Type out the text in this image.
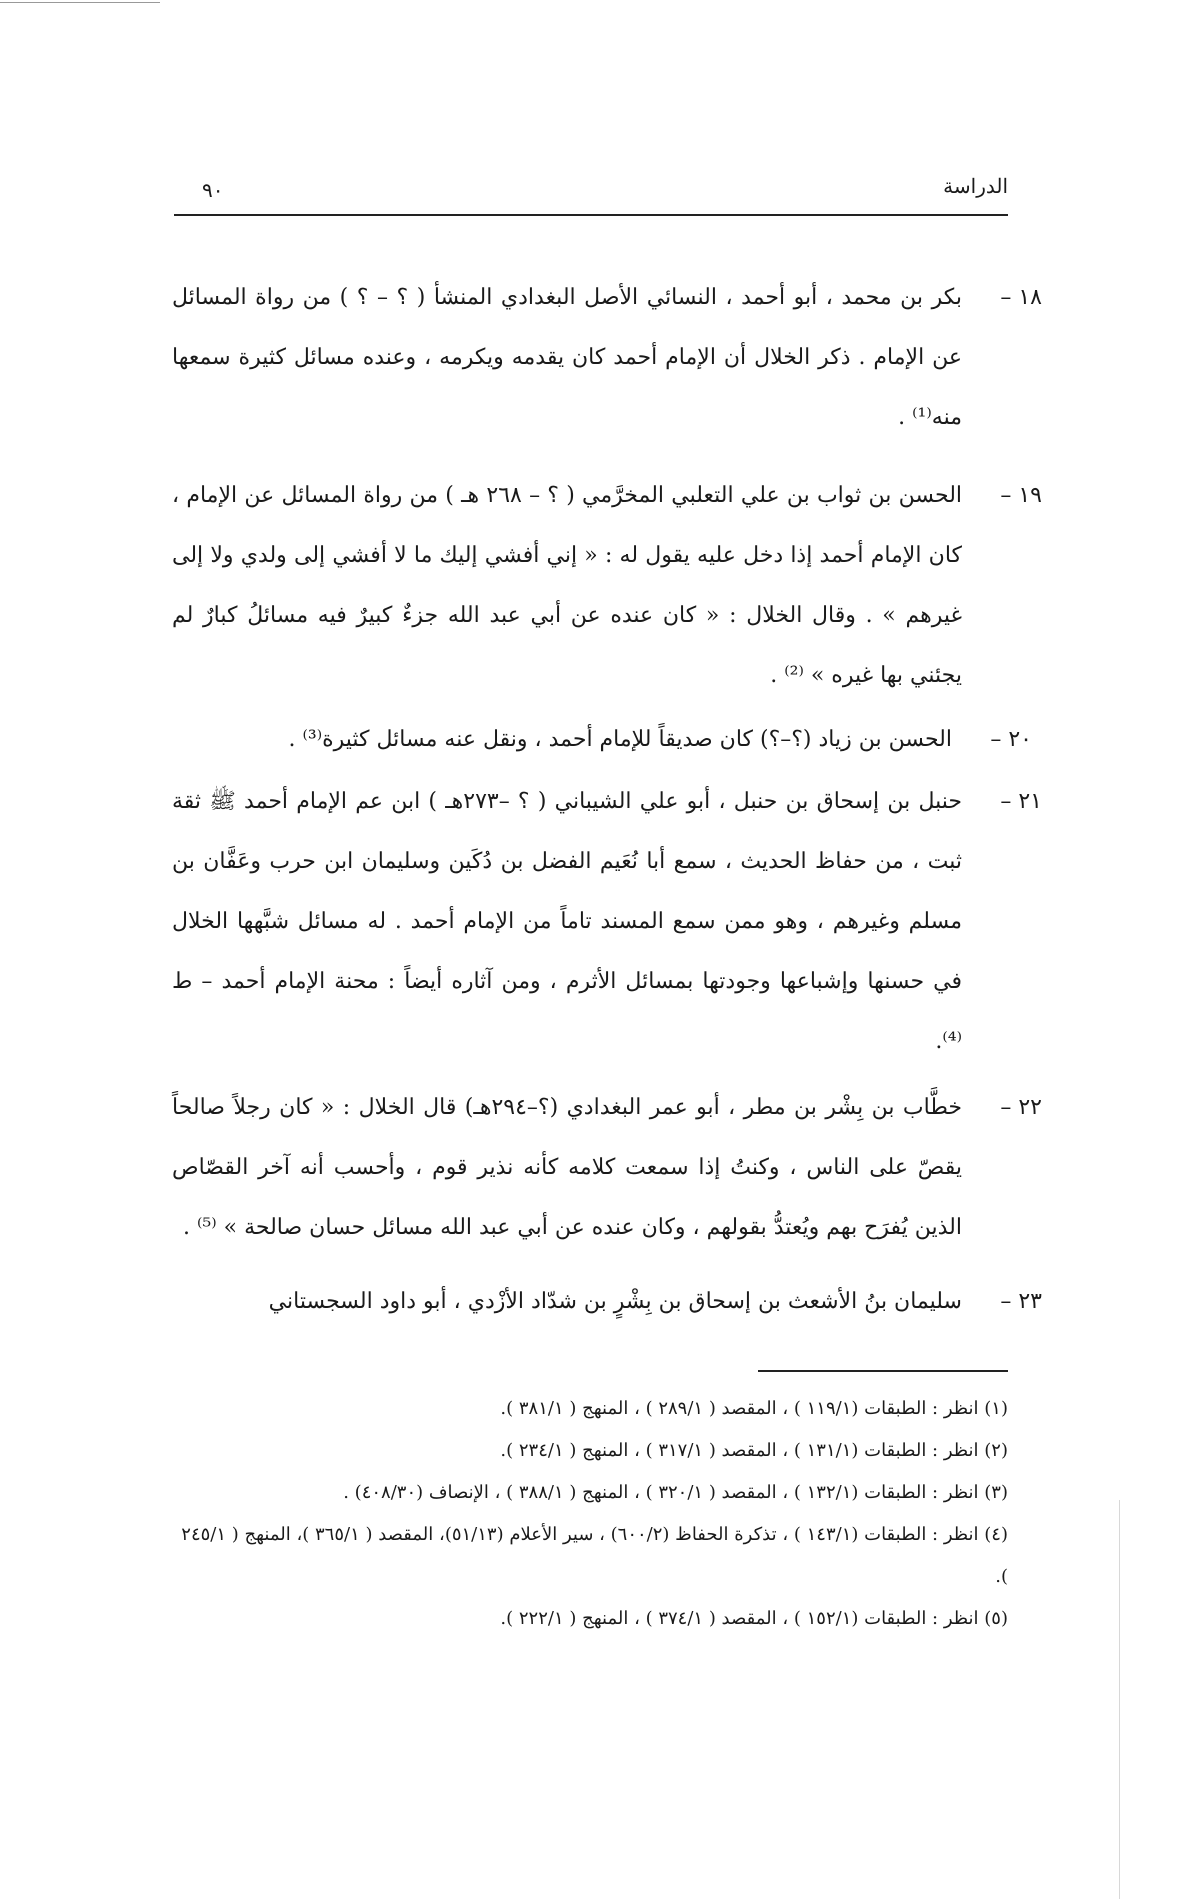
الدراسة
٩٠
١٨ –
بكر بن محمد ، أبو أحمد ، النسائي الأصل البغدادي المنشأ ( ؟ – ؟ ) من رواة المسائل عن الإمام . ذكر الخلال أن الإمام أحمد كان يقدمه ويكرمه ، وعنده مسائل كثيرة سمعها منه⁽¹⁾ .
١٩ –
الحسن بن ثواب بن علي التعلبي المخرَّمي ( ؟ – ٢٦٨ هـ ) من رواة المسائل عن الإمام ، كان الإمام أحمد إذا دخل عليه يقول له : « إني أفشي إليك ما لا أفشي إلى ولدي ولا إلى غيرهم » . وقال الخلال : « كان عنده عن أبي عبد الله جزءٌ كبيرٌ فيه مسائلُ كبارٌ لم يجئني بها غيره » ⁽²⁾ .
٢٠ –
الحسن بن زياد (؟–؟) كان صديقاً للإمام أحمد ، ونقل عنه مسائل كثيرة⁽³⁾ .
٢١ –
حنبل بن إسحاق بن حنبل ، أبو علي الشيباني ( ؟ –٢٧٣هـ ) ابن عم الإمام أحمد ﷺ ثقة ثبت ، من حفاظ الحديث ، سمع أبا نُعَيم الفضل بن دُكَين وسليمان ابن حرب وعَفَّان بن مسلم وغيرهم ، وهو ممن سمع المسند تاماً من الإمام أحمد . له مسائل شبَّهها الخلال في حسنها وإشباعها وجودتها بمسائل الأثرم ، ومن آثاره أيضاً : محنة الإمام أحمد – ط ⁽⁴⁾.
٢٢ –
خطَّاب بن بِشْر بن مطر ، أبو عمر البغدادي (؟–٢٩٤هـ) قال الخلال : « كان رجلاً صالحاً يقصّ على الناس ، وكنتُ إذا سمعت كلامه كأنه نذير قوم ، وأحسب أنه آخر القصّاص الذين يُفرَح بهم ويُعتدُّ بقولهم ، وكان عنده عن أبي عبد الله مسائل حسان صالحة » ⁽⁵⁾ .
٢٣ –
سليمان بنُ الأشعث بن إسحاق بن بِشْرٍ بن شدّاد الأزْدي ، أبو داود السجستاني
(١) انظر : الطبقات (١١٩/١ ) ، المقصد ( ٢٨٩/١ ) ، المنهج ( ٣٨١/١ ).
(٢) انظر : الطبقات (١٣١/١ ) ، المقصد ( ٣١٧/١ ) ، المنهج ( ٢٣٤/١ ).
(٣) انظر : الطبقات (١٣٢/١ ) ، المقصد ( ٣٢٠/١ ) ، المنهج ( ٣٨٨/١ ) ، الإنصاف (٤٠٨/٣٠) .
(٤) انظر : الطبقات (١٤٣/١ ) ، تذكرة الحفاظ (٦٠٠/٢) ، سير الأعلام (٥١/١٣)، المقصد ( ٣٦٥/١ )، المنهج ( ٢٤٥/١ ).
(٥) انظر : الطبقات (١٥٢/١ ) ، المقصد ( ٣٧٤/١ ) ، المنهج ( ٢٢٢/١ ).
